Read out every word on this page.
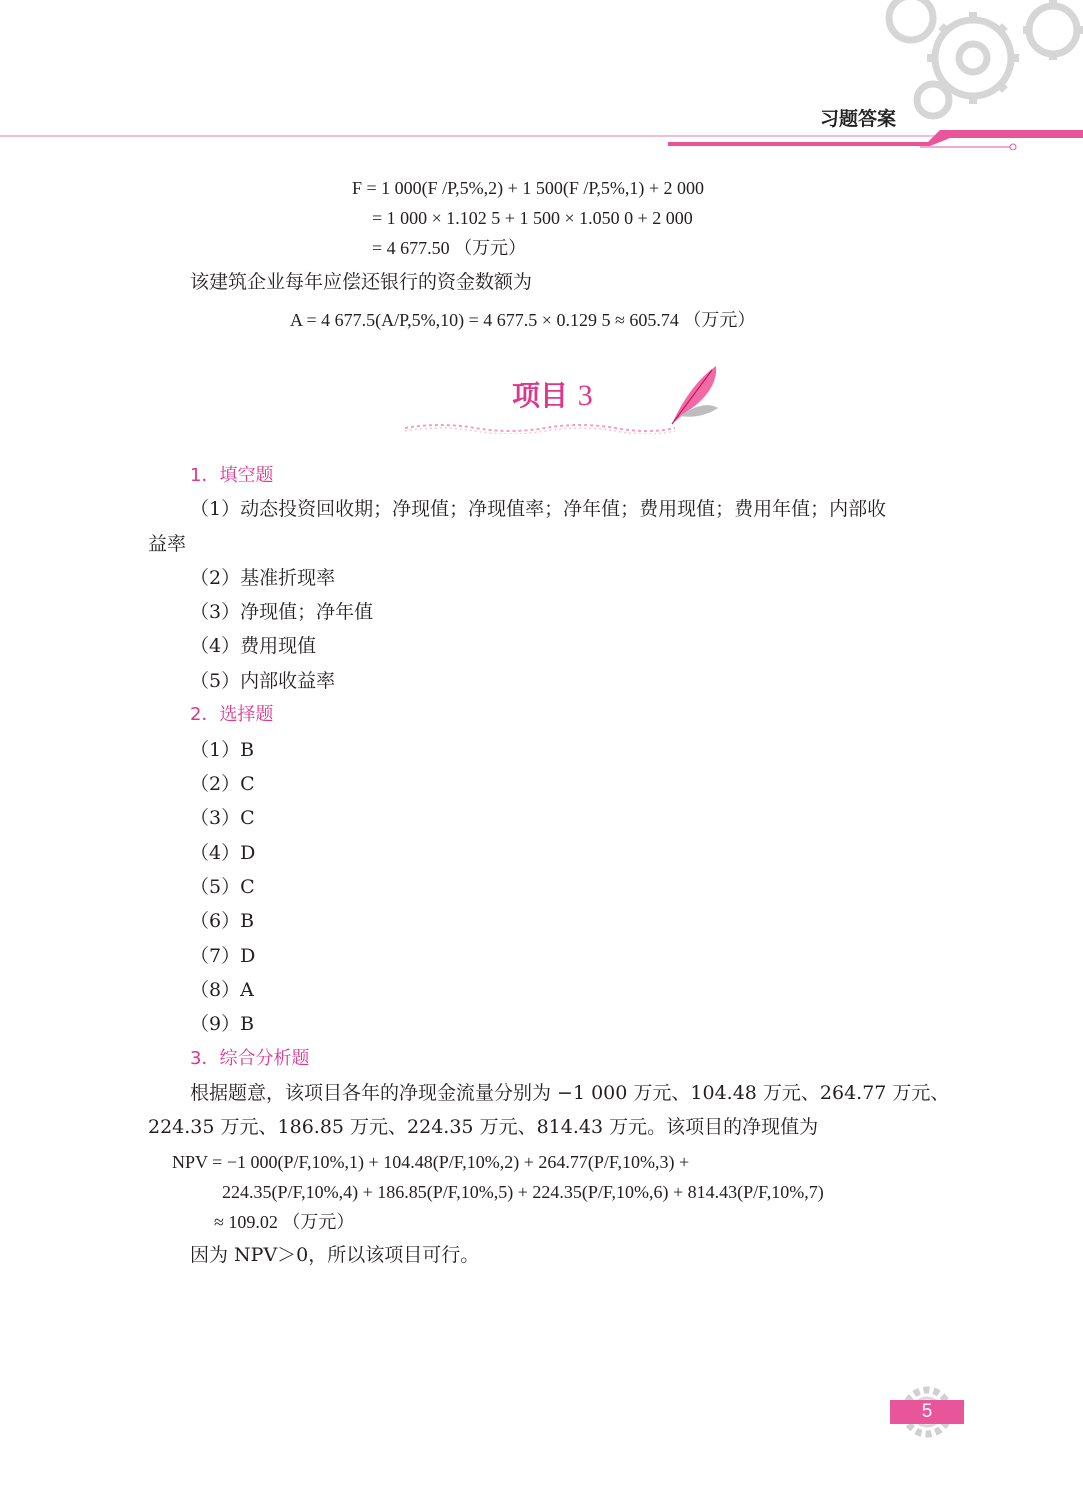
习题答案
F = 1 000(F /P,5%,2) + 1 500(F /P,5%,1) + 2 000
= 1 000 × 1.102 5 + 1 500 × 1.050 0 + 2 000
= 4 677.50 （万元）
该建筑企业每年应偿还银行的资金数额为
A = 4 677.5(A/P,5%,10) = 4 677.5 × 0.129 5 ≈ 605.74 （万元）
项目 3
1．填空题
（1）动态投资回收期；净现值；净现值率；净年值；费用现值；费用年值；内部收
益率
（2）基准折现率
（3）净现值；净年值
（4）费用现值
（5）内部收益率
2．选择题
（1）B
（2）C
（3）C
（4）D
（5）C
（6）B
（7）D
（8）A
（9）B
3．综合分析题
根据题意，该项目各年的净现金流量分别为 −1 000 万元、104.48 万元、264.77 万元、
224.35 万元、186.85 万元、224.35 万元、814.43 万元。该项目的净现值为
NPV = −1 000(P/F,10%,1) + 104.48(P/F,10%,2) + 264.77(P/F,10%,3) +
224.35(P/F,10%,4) + 186.85(P/F,10%,5) + 224.35(P/F,10%,6) + 814.43(P/F,10%,7)
≈ 109.02 （万元）
因为 NPV＞0，所以该项目可行。
5
